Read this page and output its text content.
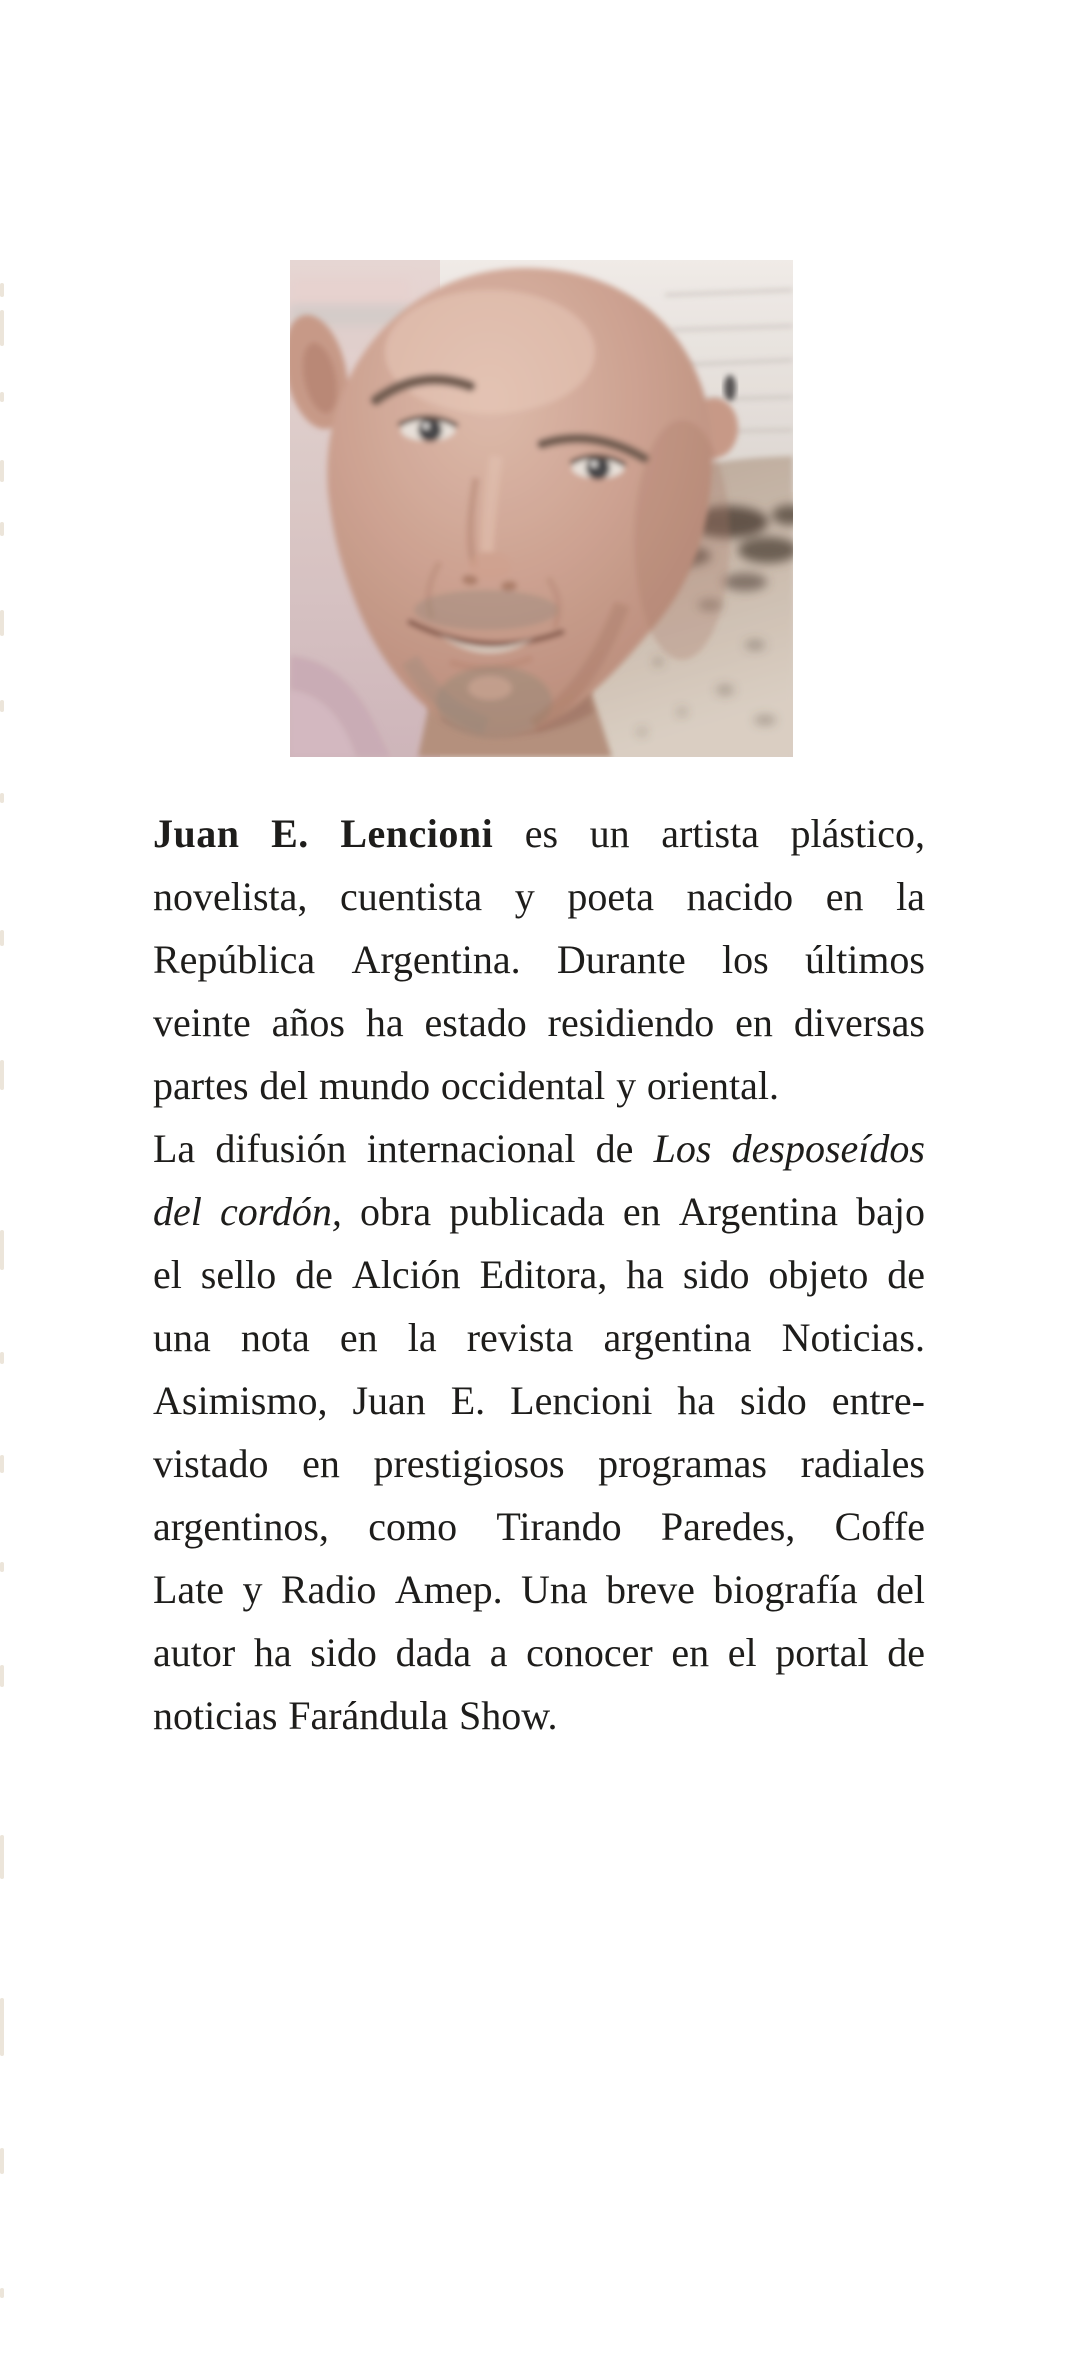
Juan E. Lencioni es un artista plástico,
novelista, cuentista y poeta nacido en la
República Argentina. Durante los últimos
veinte años ha estado residiendo en diversas
partes del mundo occidental y oriental.
La difusión internacional de Los desposeídos
del cordón, obra publicada en Argentina bajo
el sello de Alción Editora, ha sido objeto de
una nota en la revista argentina Noticias.
Asimismo, Juan E. Lencioni ha sido entre-
vistado en prestigiosos programas radiales
argentinos, como Tirando Paredes, Coffe
Late y Radio Amep. Una breve biografía del
autor ha sido dada a conocer en el portal de
noticias Farándula Show.
